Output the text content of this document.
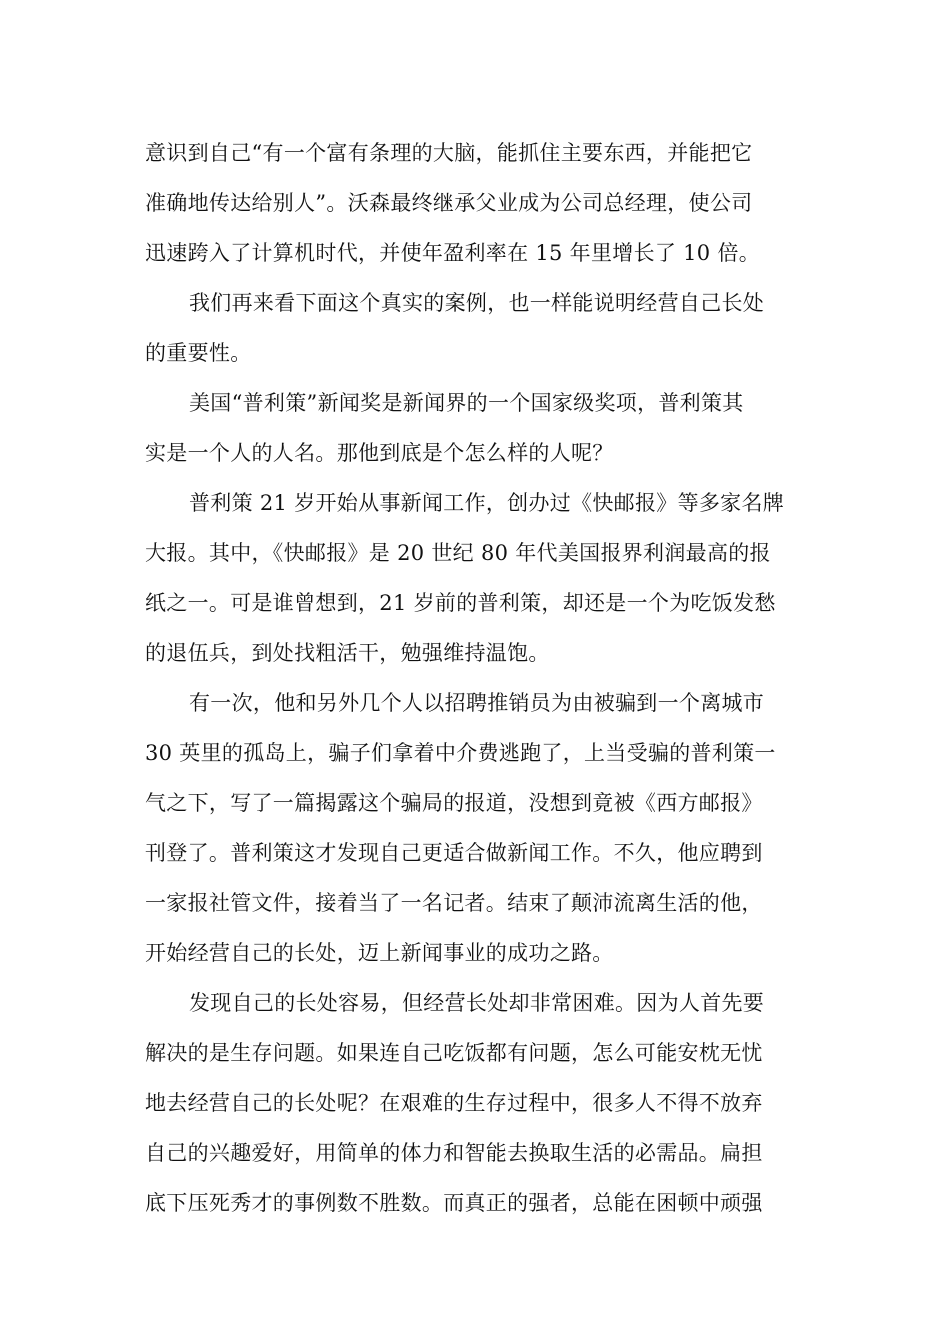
意识到自己“有一个富有条理的大脑，能抓住主要东西，并能把它
准确地传达给别人”。沃森最终继承父业成为公司总经理，使公司
迅速跨入了计算机时代，并使年盈利率在 15 年里增长了 10 倍。
我们再来看下面这个真实的案例，也一样能说明经营自己长处
的重要性。
美国“普利策”新闻奖是新闻界的一个国家级奖项，普利策其
实是一个人的人名。那他到底是个怎么样的人呢？
普利策 21 岁开始从事新闻工作，创办过《快邮报》等多家名牌
大报。其中，《快邮报》是 20 世纪 80 年代美国报界利润最高的报
纸之一。可是谁曾想到，21 岁前的普利策，却还是一个为吃饭发愁
的退伍兵，到处找粗活干，勉强维持温饱。
有一次，他和另外几个人以招聘推销员为由被骗到一个离城市
30 英里的孤岛上，骗子们拿着中介费逃跑了，上当受骗的普利策一
气之下，写了一篇揭露这个骗局的报道，没想到竟被《西方邮报》
刊登了。普利策这才发现自己更适合做新闻工作。不久，他应聘到
一家报社管文件，接着当了一名记者。结束了颠沛流离生活的他，
开始经营自己的长处，迈上新闻事业的成功之路。
发现自己的长处容易，但经营长处却非常困难。因为人首先要
解决的是生存问题。如果连自己吃饭都有问题，怎么可能安枕无忧
地去经营自己的长处呢？在艰难的生存过程中，很多人不得不放弃
自己的兴趣爱好，用简单的体力和智能去换取生活的必需品。扁担
底下压死秀才的事例数不胜数。而真正的强者，总能在困顿中顽强
